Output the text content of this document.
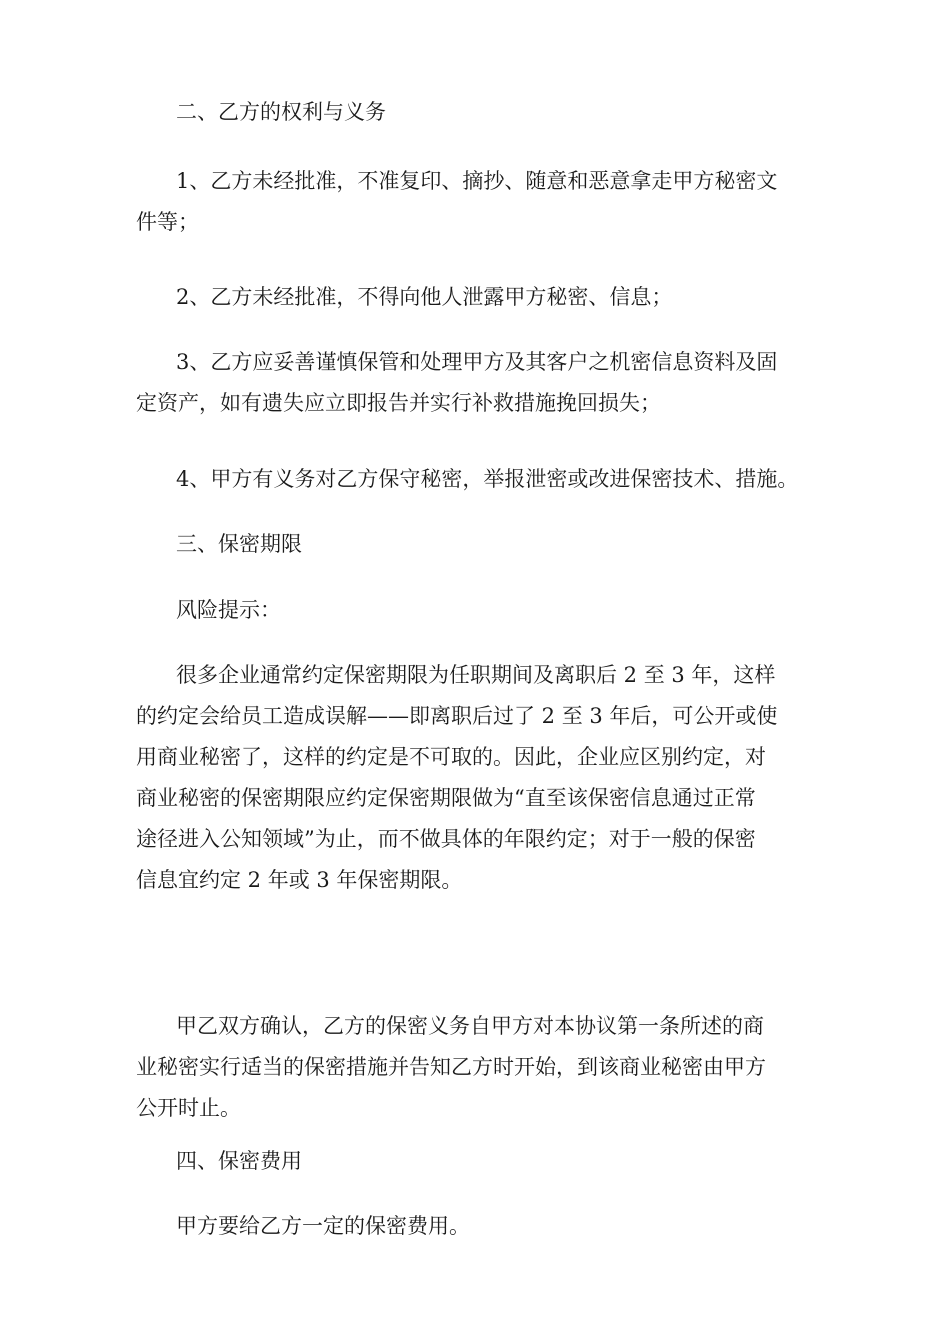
二、乙方的权利与义务
1、乙方未经批准，不准复印、摘抄、随意和恶意拿走甲方秘密文
件等；
2、乙方未经批准，不得向他人泄露甲方秘密、信息；
3、乙方应妥善谨慎保管和处理甲方及其客户之机密信息资料及固
定资产，如有遗失应立即报告并实行补救措施挽回损失；
4、甲方有义务对乙方保守秘密，举报泄密或改进保密技术、措施。
三、保密期限
风险提示：
很多企业通常约定保密期限为任职期间及离职后 2 至 3 年，这样
的约定会给员工造成误解——即离职后过了 2 至 3 年后，可公开或使
用商业秘密了，这样的约定是不可取的。因此，企业应区别约定，对
商业秘密的保密期限应约定保密期限做为“直至该保密信息通过正常
途径进入公知领域”为止，而不做具体的年限约定；对于一般的保密
信息宜约定 2 年或 3 年保密期限。
甲乙双方确认，乙方的保密义务自甲方对本协议第一条所述的商
业秘密实行适当的保密措施并告知乙方时开始，到该商业秘密由甲方
公开时止。
四、保密费用
甲方要给乙方一定的保密费用。
